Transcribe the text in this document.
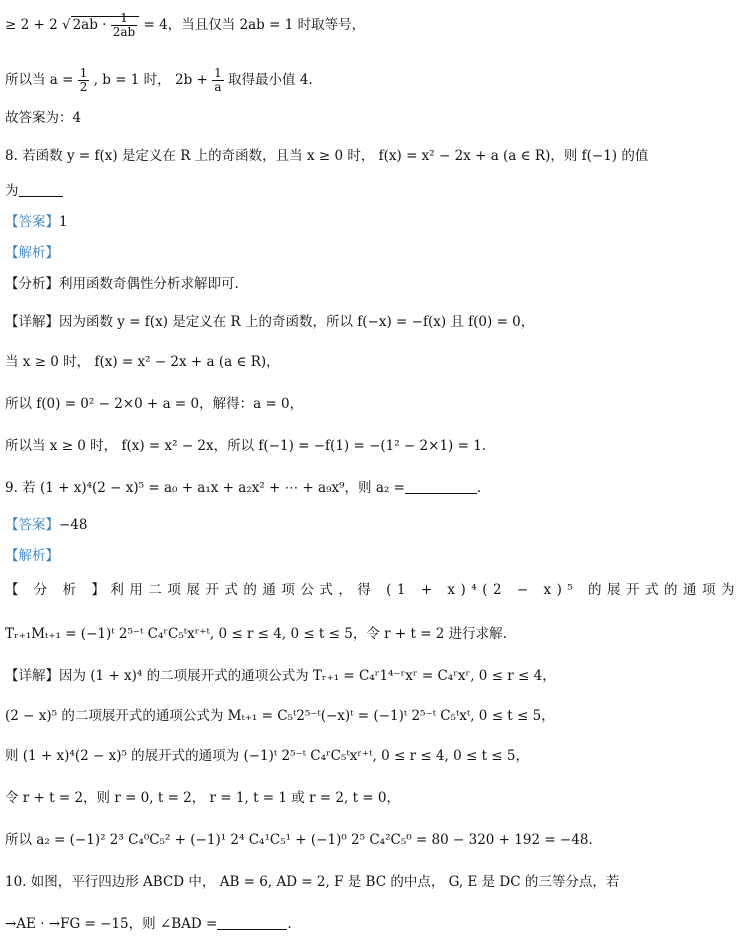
≥ 2 + 2 √ $2ab \cdot \frac{1}{2ab} = 4$，当且仅当 2ab = 1 时取等号，
所以当 $a = \frac{1}{2}$ , b = 1 时， $2b + \frac{1}{a}$ 取得最小值 4.
故答案为：4
8. 若函数 y = f(x) 是定义在 R 上的奇函数，且当 x ≥ 0 时， f(x) = x² − 2x + a (a ∈ R)，则 f(−1) 的值
为
【答案】1
【解析】
【分析】利用函数奇偶性分析求解即可.
【详解】因为函数 y = f(x) 是定义在 R 上的奇函数，所以 f(−x) = −f(x) 且 f(0) = 0，
当 x ≥ 0 时， f(x) = x² − 2x + a (a ∈ R)，
所以 f(0) = 0² − 2×0 + a = 0，解得：a = 0，
所以当 x ≥ 0 时， f(x) = x² − 2x，所以 f(−1) = −f(1) = −(1² − 2×1) = 1.
9. 若 (1 + x)⁴(2 − x)⁵ = a₀ + a₁x + a₂x² + ⋯ + a₉x⁹，则 a₂ =	.
【答案】−48
【解析】
【 分 析 】利用二项展开式的通项公式，得 (1 + x)⁴(2 − x)⁵ 的展开式的通项为
Tᵣ₊₁Mₜ₊₁ = (−1)ᵗ 2⁵⁻ᵗ C₄ʳC₅ᵗxʳ⁺ᵗ, 0 ≤ r ≤ 4, 0 ≤ t ≤ 5，令 r + t = 2 进行求解.
【详解】因为 (1 + x)⁴ 的二项展开式的通项公式为 Tᵣ₊₁ = C₄ʳ1⁴⁻ʳxʳ = C₄ʳxʳ, 0 ≤ r ≤ 4，
(2 − x)⁵ 的二项展开式的通项公式为 Mₜ₊₁ = C₅ᵗ2⁵⁻ᵗ(−x)ᵗ = (−1)ᵗ 2⁵⁻ᵗ C₅ᵗxᵗ, 0 ≤ t ≤ 5，
则 (1 + x)⁴(2 − x)⁵ 的展开式的通项为 (−1)ᵗ 2⁵⁻ᵗ C₄ʳC₅ᵗxʳ⁺ᵗ, 0 ≤ r ≤ 4, 0 ≤ t ≤ 5，
令 r + t = 2，则 r = 0, t = 2， r = 1, t = 1 或 r = 2, t = 0，
所以 a₂ = (−1)² 2³ C₄⁰C₅² + (−1)¹ 2⁴ C₄¹C₅¹ + (−1)⁰ 2⁵ C₄²C₅⁰ = 80 − 320 + 192 = −48.
10. 如图，平行四边形 ABCD 中， AB = 6, AD = 2, F 是 BC 的中点， G, E 是 DC 的三等分点，若
→AE · →FG = −15，则 ∠BAD =	.
